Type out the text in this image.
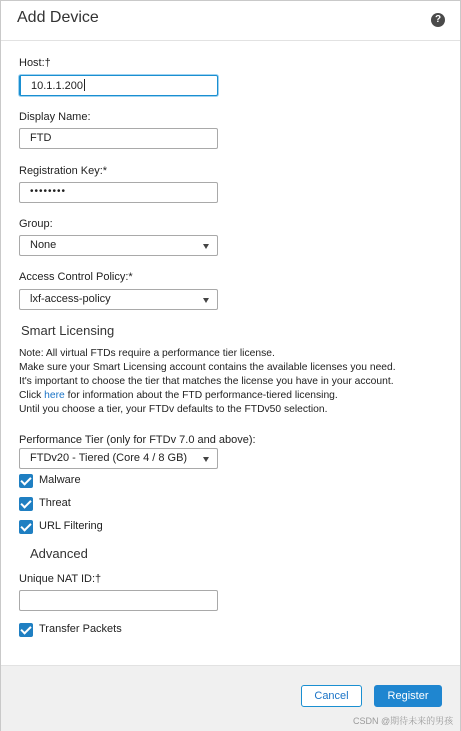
Add Device	?
Host:†
10.1.1.200
Display Name:
FTD
Registration Key:*
••••••••
Group:
None
Access Control Policy:*
lxf-access-policy
Smart Licensing
Note: All virtual FTDs require a performance tier license.
Make sure your Smart Licensing account contains the available licenses you need.
It's important to choose the tier that matches the license you have in your account.
Click here for information about the FTD performance-tiered licensing.
Until you choose a tier, your FTDv defaults to the FTDv50 selection.
Performance Tier (only for FTDv 7.0 and above):
FTDv20 - Tiered (Core 4 / 8 GB)
Malware
Threat
URL Filtering
Advanced
Unique NAT ID:†
Transfer Packets
Cancel	Register
CSDN @期待未来的男孩
